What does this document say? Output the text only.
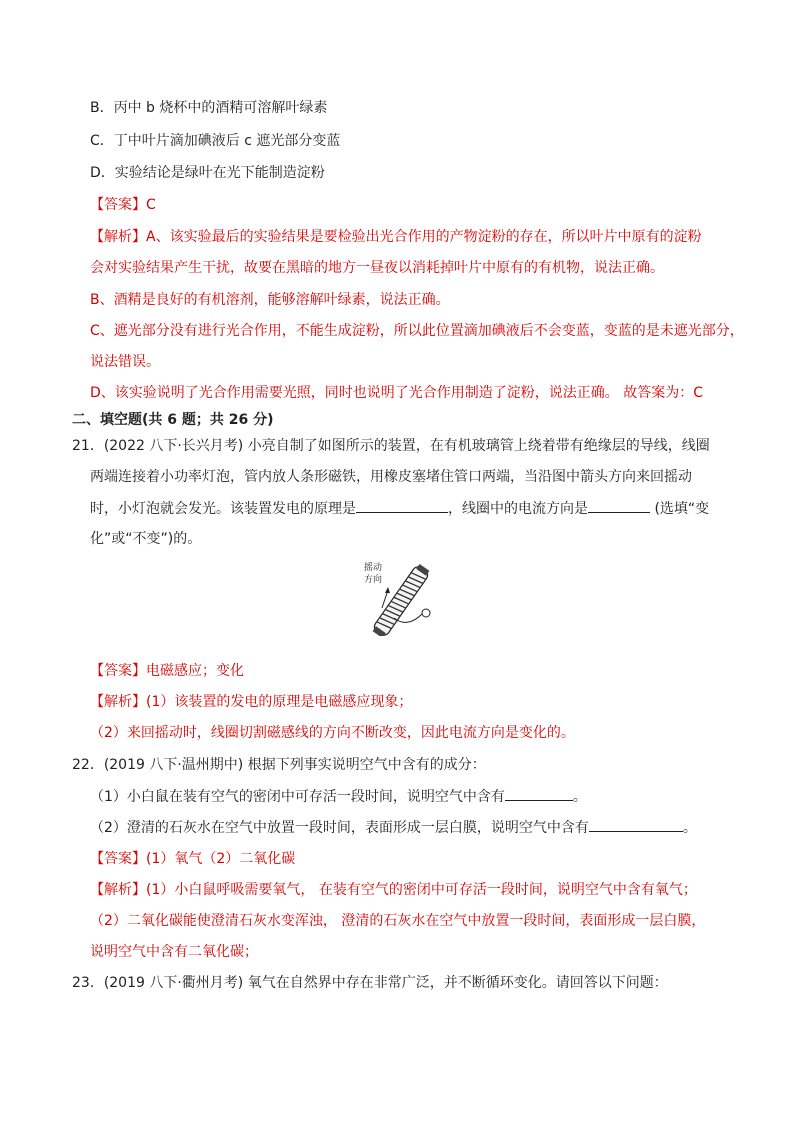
B．丙中 b 烧杯中的酒精可溶解叶绿素
C．丁中叶片滴加碘液后 c 遮光部分变蓝
D．实验结论是绿叶在光下能制造淀粉
【答案】C
【解析】A、该实验最后的实验结果是要检验出光合作用的产物淀粉的存在，所以叶片中原有的淀粉
会对实验结果产生干扰，故要在黑暗的地方一昼夜以消耗掉叶片中原有的有机物，说法正确。
B、酒精是良好的有机溶剂，能够溶解叶绿素，说法正确。
C、遮光部分没有进行光合作用，不能生成淀粉，所以此位置滴加碘液后不会变蓝，变蓝的是未遮光部分，
说法错误。
D、该实验说明了光合作用需要光照，同时也说明了光合作用制造了淀粉，说法正确。 故答案为：C
二、填空题(共 6 题；共 26 分)
21．(2022 八下·长兴月考) 小亮自制了如图所示的装置，在有机玻璃管上绕着带有绝缘层的导线，线圈
两端连接着小功率灯泡，管内放人条形磁铁，用橡皮塞堵住管口两端，当沿图中箭头方向来回摇动
时，小灯泡就会发光。该装置发电的原理是	，线圈中的电流方向是	(选填“变
化”或“不变”)的。
摇动
方向
【答案】电磁感应；变化
【解析】(1）该装置的发电的原理是电磁感应现象；
（2）来回摇动时，线圈切割磁感线的方向不断改变，因此电流方向是变化的。
22．(2019 八下·温州期中) 根据下列事实说明空气中含有的成分：
（1）小白鼠在装有空气的密闭中可存活一段时间，说明空气中含有	。
（2）澄清的石灰水在空气中放置一段时间，表面形成一层白膜，说明空气中含有	。
【答案】(1）氧气（2）二氧化碳
【解析】(1）小白鼠呼吸需要氧气， 在装有空气的密闭中可存活一段时间，说明空气中含有氧气；
（2）二氧化碳能使澄清石灰水变浑浊， 澄清的石灰水在空气中放置一段时间，表面形成一层白膜，
说明空气中含有二氧化碳；
23．(2019 八下·衢州月考) 氧气在自然界中存在非常广泛，并不断循环变化。请回答以下问题：
